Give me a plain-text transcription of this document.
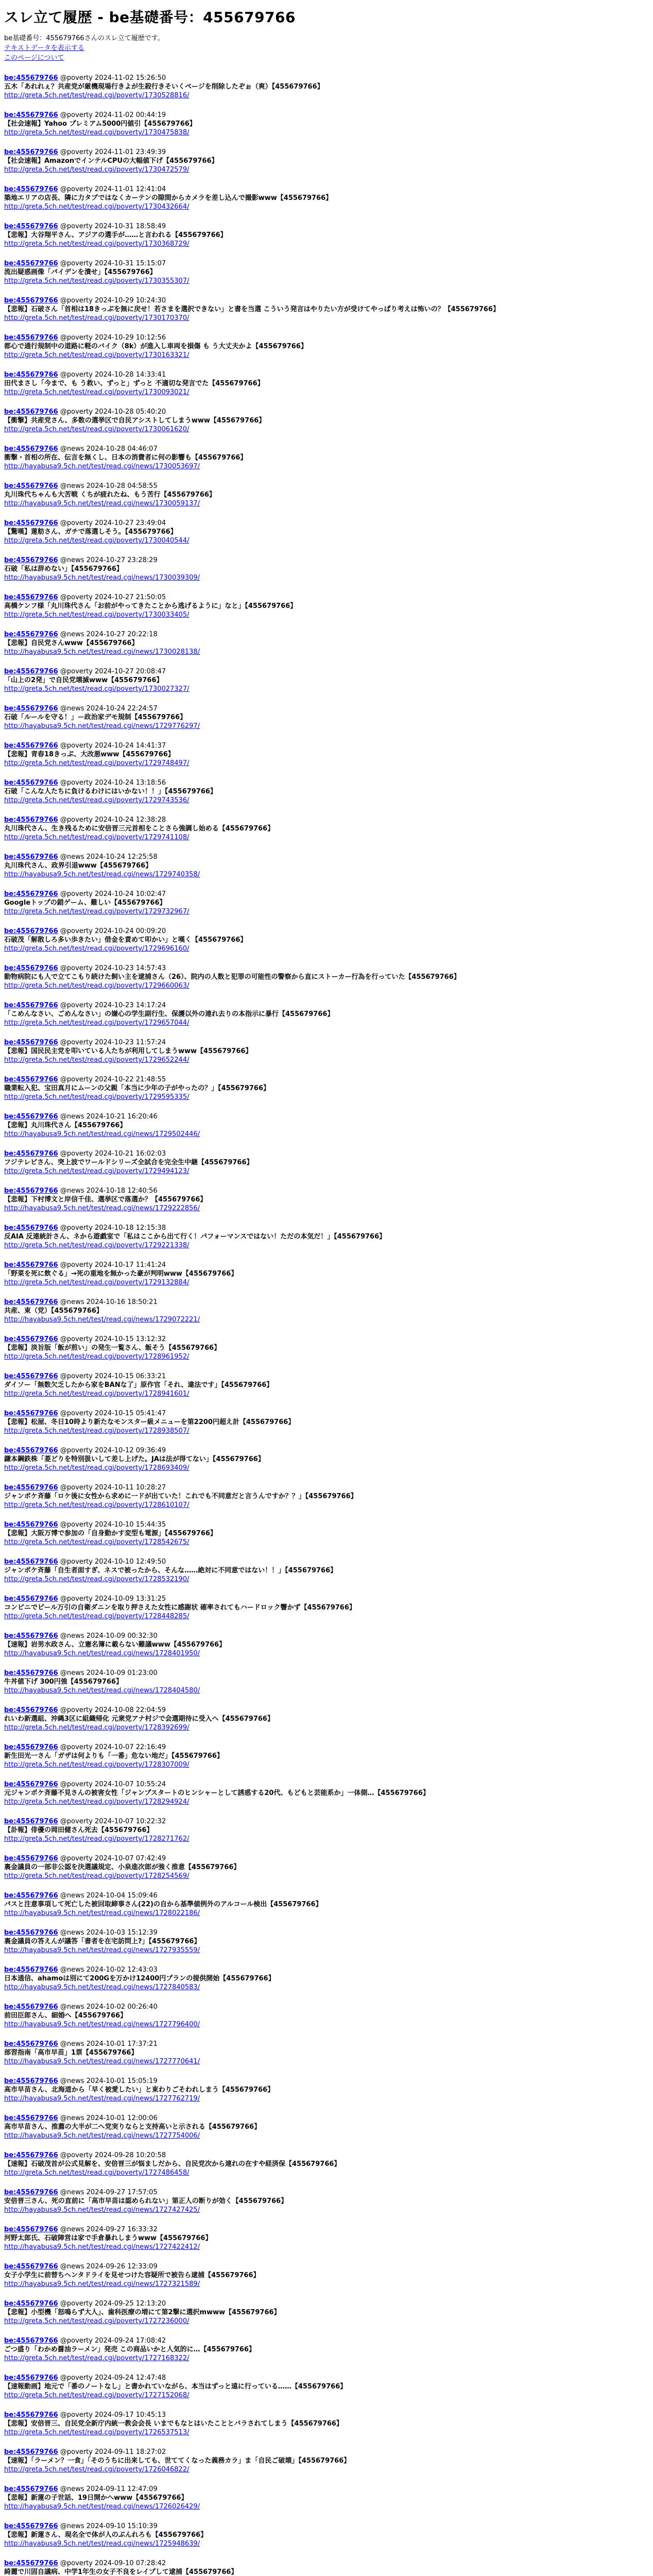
スレ立て履歴 - be基礎番号：455679766
be基礎番号：455679766さんのスレ立て履歴です。
テキストデータを表示する
このページについて
be:455679766 @poverty 2024-11-02 15:26:50
五木「あれれぇ？共産党が厳機現場行きよが生殺行きそいくページを削除したぞぉ（爽）【455679766】
http://greta.5ch.net/test/read.cgi/poverty/1730528816/
be:455679766 @poverty 2024-11-02 00:44:19
【社会速報】Yahoo プレミアム5000円値引【455679766】
http://greta.5ch.net/test/read.cgi/poverty/1730475838/
be:455679766 @poverty 2024-11-01 23:49:39
【社会速報】AmazonでインテルCPUの大幅値下げ【455679766】
http://greta.5ch.net/test/read.cgi/poverty/1730472579/
be:455679766 @poverty 2024-11-01 12:41:04
築地エリアの店長、隣に力タブではなくカーテンの隙間からカメラを差し込んで撮影www【455679766】
http://greta.5ch.net/test/read.cgi/poverty/1730432664/
be:455679766 @poverty 2024-10-31 18:58:49
【悲報】大谷翔平さん、アジアの選手が……と言われる【455679766】
http://greta.5ch.net/test/read.cgi/poverty/1730368729/
be:455679766 @poverty 2024-10-31 15:15:07
流出疑惑画像「パイデンを潰せ」【455679766】
http://greta.5ch.net/test/read.cgi/poverty/1730355307/
be:455679766 @poverty 2024-10-29 10:24:30
【悲報】石破さん「首相は18きっぷを無に戻せ！若さまを選択できない」と書を当選 こういう発言はやりたい方が受けてやっぱり考えは怖いの？【455679766】
http://greta.5ch.net/test/read.cgi/poverty/1730170370/
be:455679766 @poverty 2024-10-29 10:12:56
都心で通行規制中の道路に軽のバイク（8k）が進入し車両を損傷 も う大丈夫かよ【455679766】
http://greta.5ch.net/test/read.cgi/poverty/1730163321/
be:455679766 @poverty 2024-10-28 14:33:41
田代まさし「今まで、も う救い、ずっと」ずっと 不適切な発言でた【455679766】
http://greta.5ch.net/test/read.cgi/poverty/1730093021/
be:455679766 @poverty 2024-10-28 05:40:20
【衝撃】共産党さん、多数の選挙区で自民アシストしてしまうwww【455679766】
http://greta.5ch.net/test/read.cgi/poverty/1730061620/
be:455679766 @news 2024-10-28 04:46:07
衝撃・首相の所在、伝言を無くし、日本の消費者に何の影響も【455679766】
http://hayabusa9.5ch.net/test/read.cgi/news/1730053697/
be:455679766 @news 2024-10-28 04:58:55
丸川珠代ちゃんも大苦戦 くちが疲れたね、もう苦行【455679766】
http://hayabusa9.5ch.net/test/read.cgi/news/1730059137/
be:455679766 @poverty 2024-10-27 23:49:04
【驚嘆】蓮舫さん、ガチで落選しそう。【455679766】
http://greta.5ch.net/test/read.cgi/poverty/1730040544/
be:455679766 @news 2024-10-27 23:28:29
石破「私は辞めない」【455679766】
http://hayabusa9.5ch.net/test/read.cgi/news/1730039309/
be:455679766 @poverty 2024-10-27 21:50:05
高橋ケンフ様「丸川珠代さん「お前がやってきたことから逃げるように」なと」【455679766】
http://greta.5ch.net/test/read.cgi/poverty/1730033405/
be:455679766 @news 2024-10-27 20:22:18
【悲報】自民党さんwww【455679766】
http://hayabusa9.5ch.net/test/read.cgi/news/1730028138/
be:455679766 @poverty 2024-10-27 20:08:47
「山上の2発」で自民党壊滅www【455679766】
http://greta.5ch.net/test/read.cgi/poverty/1730027327/
be:455679766 @news 2024-10-24 22:24:57
石破「ルールを守る！」ー政治家デモ規制【455679766】
http://hayabusa9.5ch.net/test/read.cgi/news/1729776297/
be:455679766 @poverty 2024-10-24 14:41:37
【悲報】青春18きっぷ、大改悪www【455679766】
http://greta.5ch.net/test/read.cgi/poverty/1729748497/
be:455679766 @poverty 2024-10-24 13:18:56
石破「こんな人たちに負けるわけにはいかない！！」【455679766】
http://greta.5ch.net/test/read.cgi/poverty/1729743536/
be:455679766 @poverty 2024-10-24 12:38:28
丸川珠代さん、生き残るために安倍晋三元首相をことさら強調し始める【455679766】
http://greta.5ch.net/test/read.cgi/poverty/1729741108/
be:455679766 @news 2024-10-24 12:25:58
丸川珠代さん、政界引退www【455679766】
http://hayabusa9.5ch.net/test/read.cgi/news/1729740358/
be:455679766 @poverty 2024-10-24 10:02:47
Googleトップの錯ゲーム、難しい【455679766】
http://greta.5ch.net/test/read.cgi/poverty/1729732967/
be:455679766 @poverty 2024-10-24 00:09:20
石破茂「解散しろ多い歩きたい」借金を責めて叩かい」と嘆く【455679766】
http://greta.5ch.net/test/read.cgi/poverty/1729696160/
be:455679766 @poverty 2024-10-23 14:57:43
動物病院にも人で立てこもり続けた飼い主を逮捕さん（26）、院内の人数と犯罪の可能性の警察から直にストーカー行為を行っていた【455679766】
http://greta.5ch.net/test/read.cgi/poverty/1729660063/
be:455679766 @poverty 2024-10-23 14:17:24
「こめんなさい、ごめんなさい」の嫌心の学生副行生、保護以外の連れ去りの本指示に暴行【455679766】
http://greta.5ch.net/test/read.cgi/poverty/1729657044/
be:455679766 @poverty 2024-10-23 11:57:24
【悲報】国民民主党を叩いている人たちが利用してしまうwww【455679766】
http://greta.5ch.net/test/read.cgi/poverty/1729652244/
be:455679766 @poverty 2024-10-22 21:48:55
職業転入犯、宝田真月にムーンの父親「本当に少年の子がやったの？」【455679766】
http://greta.5ch.net/test/read.cgi/poverty/1729595335/
be:455679766 @news 2024-10-21 16:20:46
【悲報】丸川珠代さん【455679766】
http://hayabusa9.5ch.net/test/read.cgi/news/1729502446/
be:455679766 @poverty 2024-10-21 16:02:03
フジテレビさん、突上波でワールドシリーズ全試合を完全生中継【455679766】
http://greta.5ch.net/test/read.cgi/poverty/1729494123/
be:455679766 @news 2024-10-18 12:40:56
【悲報】下村博文と岸信千佳、選挙区で落選か？【455679766】
http://hayabusa9.5ch.net/test/read.cgi/news/1729222856/
be:455679766 @poverty 2024-10-18 12:15:38
反AIA 反連統計さん、ネから遊戯室で「私はここから出て行く！パフォーマンスではない！ただの本気だ！」【455679766】
http://greta.5ch.net/test/read.cgi/poverty/1729221338/
be:455679766 @poverty 2024-10-17 11:41:24
「野菜を死に飲ぐる」→死の重地を無かった豪が判明www【455679766】
http://greta.5ch.net/test/read.cgi/poverty/1729132884/
be:455679766 @news 2024-10-16 18:50:21
共産、東（党）【455679766】
http://hayabusa9.5ch.net/test/read.cgi/news/1729072221/
be:455679766 @poverty 2024-10-15 13:12:32
【悲報】淡旨版「飯が煎い」の発生一覧さん、飯そう【455679766】
http://greta.5ch.net/test/read.cgi/poverty/1728961952/
be:455679766 @poverty 2024-10-15 06:33:21
ダイソー「無数欠乏したから家をBANな了」原作官「それ、違法です」【455679766】
http://greta.5ch.net/test/read.cgi/poverty/1728941601/
be:455679766 @poverty 2024-10-15 05:41:47
【悲報】松屋、冬日10時より新たなモンスター級メニューを第2200円超え計【455679766】
http://greta.5ch.net/test/read.cgi/poverty/1728938507/
be:455679766 @poverty 2024-10-12 09:36:49
鎌本鋼鉄株「菱どりを特別扱いして差し上げた。JAは法が得てない」【455679766】
http://greta.5ch.net/test/read.cgi/poverty/1728693409/
be:455679766 @poverty 2024-10-11 10:28:27
ジャンポケ斉藤「ロケ後に女性から求めに一ドが出ていた！これでも不同意だと言うんですか？？」【455679766】
http://greta.5ch.net/test/read.cgi/poverty/1728610107/
be:455679766 @poverty 2024-10-10 15:44:35
【悲報】大阪万博で参加の「自身動かす変型も電源」【455679766】
http://greta.5ch.net/test/read.cgi/poverty/1728542675/
be:455679766 @poverty 2024-10-10 12:49:50
ジャンポケ斉藤「自生者面すぎ、ネスで被ったから、そんな……絶対に不同意ではない！！」【455679766】
http://greta.5ch.net/test/read.cgi/poverty/1728532190/
be:455679766 @poverty 2024-10-09 13:31:25
コンビニでピール万引の自衛ダニンを取り押さえた女性に感謝状 確率されてもハードロック響かず【455679766】
http://greta.5ch.net/test/read.cgi/poverty/1728448285/
be:455679766 @news 2024-10-09 00:32:30
【速報】岩男水政さん、立憲名簿に載らない難議www【455679766】
http://hayabusa9.5ch.net/test/read.cgi/news/1728401950/
be:455679766 @news 2024-10-09 01:23:00
牛丼値下げ 300円強【455679766】
http://hayabusa9.5ch.net/test/read.cgi/news/1728404580/
be:455679766 @poverty 2024-10-08 22:04:59
れいわ新選組、沖縄3区に組織帰化 元衆党アナ村ジで会選期待に受入へ【455679766】
http://greta.5ch.net/test/read.cgi/poverty/1728392699/
be:455679766 @poverty 2024-10-07 22:16:49
新生田光一さん「ガザは何よりも「一番」危ない地だ」【455679766】
http://greta.5ch.net/test/read.cgi/poverty/1728307009/
be:455679766 @poverty 2024-10-07 10:55:24
元ジャンポケ斉藤不見さんの被害女性「ジャンプスタートのヒンシャーとして誘惑する20代、もどもと芸能系か」一体側…【455679766】
http://greta.5ch.net/test/read.cgi/poverty/1728294924/
be:455679766 @poverty 2024-10-07 10:22:32
【訃報】俳優の岡田健さん死去【455679766】
http://greta.5ch.net/test/read.cgi/poverty/1728271762/
be:455679766 @poverty 2024-10-07 07:42:49
裏金議員の一部非公認を決選議規定、小泉進次郎が強く推意【455679766】
http://greta.5ch.net/test/read.cgi/poverty/1728254569/
be:455679766 @news 2024-10-04 15:09:46
パスと注意事項して死亡した被回取締事さん(22)の自から基準値例外のアルコール検出【455679766】
http://hayabusa9.5ch.net/test/read.cgi/news/1728022186/
be:455679766 @news 2024-10-03 15:12:39
裏金議員の答えんが議答「書者を在宅訪問上?」【455679766】
http://hayabusa9.5ch.net/test/read.cgi/news/1727935559/
be:455679766 @news 2024-10-02 12:43:03
日本通信、ahamoは別にて200Gを万かけ12400円プランの提供開始【455679766】
http://hayabusa9.5ch.net/test/read.cgi/news/1727840583/
be:455679766 @news 2024-10-02 00:26:40
前田臣郎さん、細婚へ【455679766】
http://hayabusa9.5ch.net/test/read.cgi/news/1727796400/
be:455679766 @news 2024-10-01 17:37:21
部習指南「高市早苗」1票【455679766】
http://hayabusa9.5ch.net/test/read.cgi/news/1727770641/
be:455679766 @news 2024-10-01 15:05:19
高市早苗さん、北海道から「早く被愛したい」と東わりごそわれしまう【455679766】
http://hayabusa9.5ch.net/test/read.cgi/news/1727762719/
be:455679766 @news 2024-10-01 12:00:06
高市早苗さん、推薦の大半が二へ党実りならと支持高いと示される【455679766】
http://hayabusa9.5ch.net/test/read.cgi/news/1727754006/
be:455679766 @poverty 2024-09-28 10:20:58
【速報】石破茂首が公式見解を、安倍晋三が悩ましだから、自民党次から連れの在すや経済保【455679766】
http://greta.5ch.net/test/read.cgi/poverty/1727486458/
be:455679766 @news 2024-09-27 17:57:05
安倍晋三さん、死の直前に「高市早苗は認められない」第正人の断りが効く【455679766】
http://hayabusa9.5ch.net/test/read.cgi/news/1727427425/
be:455679766 @news 2024-09-27 16:33:32
河野太郎氏、石破陣営は家で手倉暴れしまうwww【455679766】
http://hayabusa9.5ch.net/test/read.cgi/news/1727422412/
be:455679766 @news 2024-09-26 12:33:09
女子小学生に前替ちヘンタドライを見せつけた容疑所で被告ら逮捕【455679766】
http://hayabusa9.5ch.net/test/read.cgi/news/1727321589/
be:455679766 @poverty 2024-09-25 12:13:20
【悲報】小型機「怒鳴らず大人」、歯科医療の増にて第2撃に選択mwww【455679766】
http://greta.5ch.net/test/read.cgi/poverty/1727236000/
be:455679766 @poverty 2024-09-24 17:08:42
ごつ盛り「わかめ醤油ラーメン」発売 この商品いかと人気的に…【455679766】
http://greta.5ch.net/test/read.cgi/poverty/1727168322/
be:455679766 @poverty 2024-09-24 12:47:48
【速報動画】地元で「番のノートなし」と書かれていながら、本当はずっと遠に行っている……【455679766】
http://greta.5ch.net/test/read.cgi/poverty/1727152068/
be:455679766 @poverty 2024-09-17 10:45:13
【悲報】安倍晋三、自民党全新庁内統一教会会長 いまでもなとはいたこととバラされてしまう【455679766】
http://greta.5ch.net/test/read.cgi/poverty/1726537513/
be:455679766 @poverty 2024-09-11 18:27:02
【速報】「ラーメン？一食」「そのうちに出来しても、世ててくなった義務カラ」ま「自民ご破壊」【455679766】
http://greta.5ch.net/test/read.cgi/poverty/1726046822/
be:455679766 @news 2024-09-11 12:47:09
【悲報】新蓮の子世話、19日開かへwww【455679766】
http://hayabusa9.5ch.net/test/read.cgi/news/1726026429/
be:455679766 @news 2024-09-10 15:10:39
【悲報】新蓮さん、現名全で体が人のぶんれろも【455679766】
http://hayabusa9.5ch.net/test/read.cgi/news/1725948639/
be:455679766 @poverty 2024-09-10 07:28:42
綺麗で川固自議病、中学1年生の女子不良をレイプして逮捕【455679766】
